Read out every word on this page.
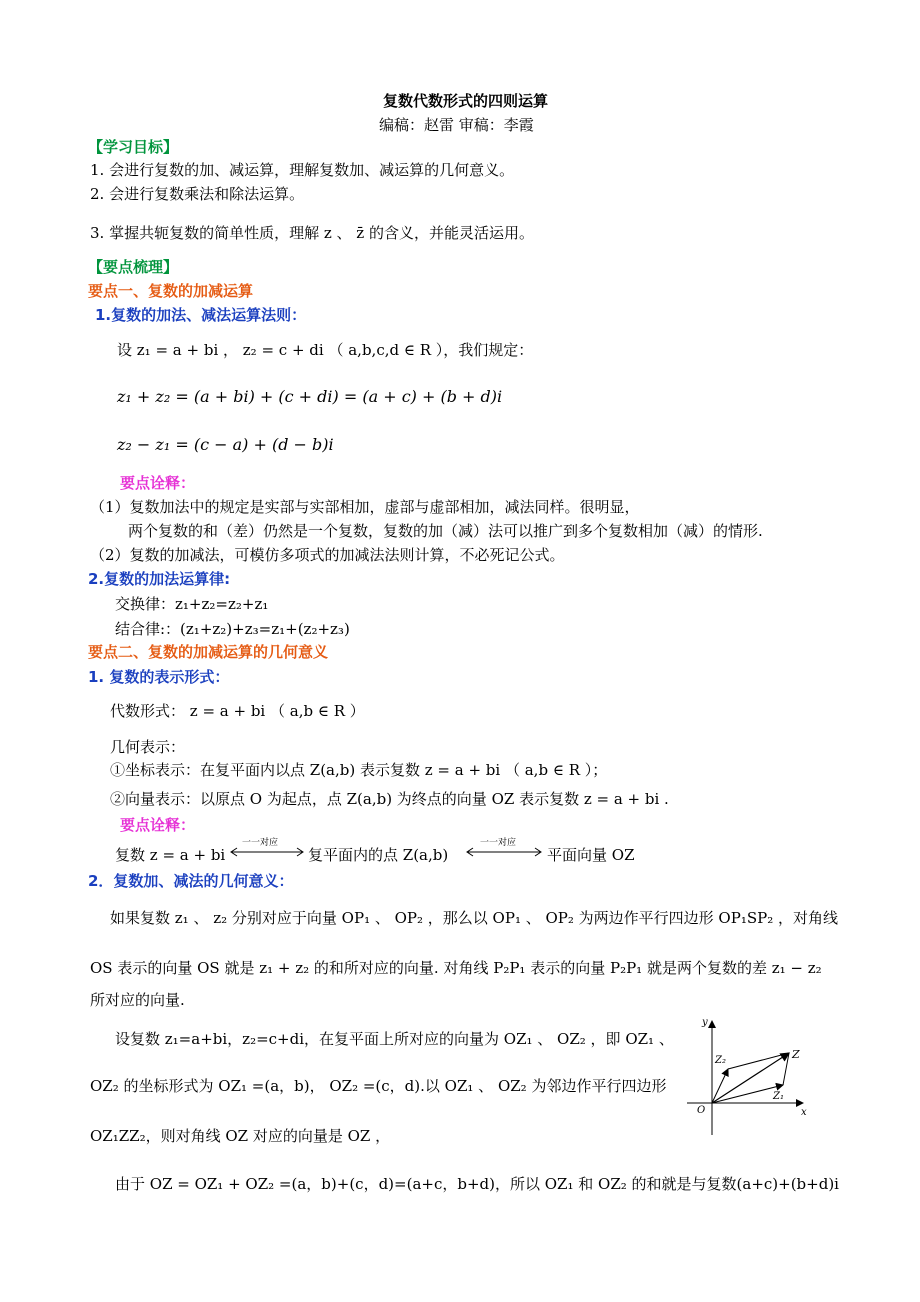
复数代数形式的四则运算
编稿：赵雷 审稿：李霞
【学习目标】
1. 会进行复数的加、减运算，理解复数加、减运算的几何意义。
2. 会进行复数乘法和除法运算。
3. 掌握共轭复数的简单性质，理解 z 、 z̄ 的含义，并能灵活运用。
【要点梳理】
要点一、复数的加减运算
1.复数的加法、减法运算法则：
设 z₁ = a + bi ， z₂ = c + di （ a,b,c,d ∈ R ），我们规定：
z₁ + z₂ = (a + bi) + (c + di) = (a + c) + (b + d)i
z₂ − z₁ = (c − a) + (d − b)i
要点诠释：
（1）复数加法中的规定是实部与实部相加，虚部与虚部相加，减法同样。很明显，
两个复数的和（差）仍然是一个复数，复数的加（减）法可以推广到多个复数相加（减）的情形.
（2）复数的加减法，可模仿多项式的加减法法则计算，不必死记公式。
2.复数的加法运算律:
交换律：z₁+z₂=z₂+z₁
结合律:：(z₁+z₂)+z₃=z₁+(z₂+z₃)
要点二、复数的加减运算的几何意义
1. 复数的表示形式：
代数形式： z = a + bi （ a,b ∈ R ）
几何表示：
①坐标表示：在复平面内以点 Z(a,b) 表示复数 z = a + bi （ a,b ∈ R ）；
②向量表示：以原点 O 为起点，点 Z(a,b) 为终点的向量 OZ 表示复数 z = a + bi .
要点诠释：
复数 z = a + bi
一一对应
复平面内的点 Z(a,b)
一一对应
平面向量 OZ
2．复数加、减法的几何意义：
如果复数 z₁ 、 z₂ 分别对应于向量 OP₁ 、 OP₂ ，那么以 OP₁ 、 OP₂ 为两边作平行四边形 OP₁SP₂ ，对角线
OS 表示的向量 OS 就是 z₁ + z₂ 的和所对应的向量. 对角线 P₂P₁ 表示的向量 P₂P₁ 就是两个复数的差 z₁ − z₂
所对应的向量.
设复数 z₁=a+bi，z₂=c+di，在复平面上所对应的向量为 OZ₁ 、 OZ₂ ，即 OZ₁ 、
OZ₂ 的坐标形式为 OZ₁ =(a，b)， OZ₂ =(c，d).以 OZ₁ 、 OZ₂ 为邻边作平行四边形
OZ₁ZZ₂，则对角线 OZ 对应的向量是 OZ ，
由于 OZ = OZ₁ + OZ₂ =(a，b)+(c，d)=(a+c，b+d)，所以 OZ₁ 和 OZ₂ 的和就是与复数(a+c)+(b+d)i
y
x
O
Z
Z₁
Z₂
